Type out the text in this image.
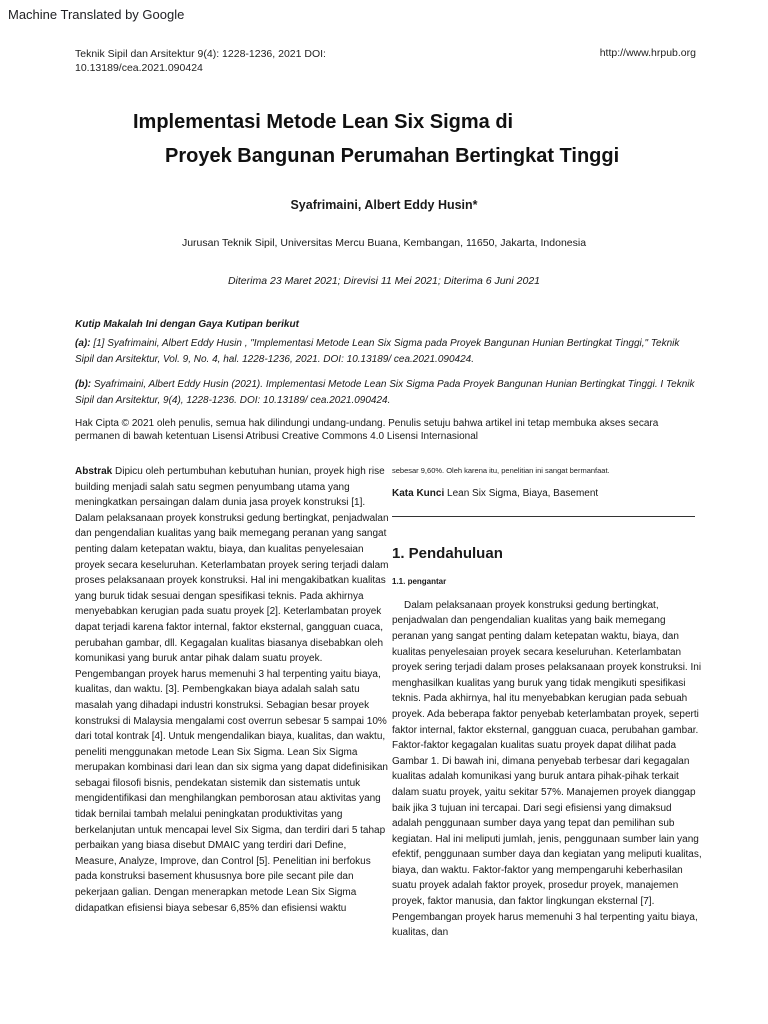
Machine Translated by Google
Teknik Sipil dan Arsitektur 9(4): 1228-1236, 2021 DOI: 10.13189/cea.2021.090424
http://www.hrpub.org
Implementasi Metode Lean Six Sigma di
Proyek Bangunan Perumahan Bertingkat Tinggi
Syafrimaini, Albert Eddy Husin*
Jurusan Teknik Sipil, Universitas Mercu Buana, Kembangan, 11650, Jakarta, Indonesia
Diterima 23 Maret 2021; Direvisi 11 Mei 2021; Diterima 6 Juni 2021
Kutip Makalah Ini dengan Gaya Kutipan berikut
(a): [1] Syafrimaini, Albert Eddy Husin , "Implementasi Metode Lean Six Sigma pada Proyek Bangunan Hunian Bertingkat Tinggi," Teknik Sipil dan Arsitektur, Vol. 9, No. 4, hal. 1228-1236, 2021. DOI: 10.13189/ cea.2021.090424.
(b): Syafrimaini, Albert Eddy Husin (2021). Implementasi Metode Lean Six Sigma Pada Proyek Bangunan Hunian Bertingkat Tinggi. I Teknik Sipil dan Arsitektur, 9(4), 1228-1236. DOI: 10.13189/ cea.2021.090424.
Hak Cipta © 2021 oleh penulis, semua hak dilindungi undang-undang. Penulis setuju bahwa artikel ini tetap membuka akses secara permanen di bawah ketentuan Lisensi Atribusi Creative Commons 4.0 Lisensi Internasional

Abstrak Dipicu oleh pertumbuhan kebutuhan hunian, proyek high rise building menjadi salah satu segmen penyumbang utama yang meningkatkan persaingan dalam dunia jasa proyek konstruksi [1]. Dalam pelaksanaan proyek konstruksi gedung bertingkat, penjadwalan dan pengendalian kualitas yang baik memegang peranan yang sangat penting dalam ketepatan waktu, biaya, dan kualitas penyelesaian proyek secara keseluruhan. Keterlambatan proyek sering terjadi dalam proses pelaksanaan proyek konstruksi. Hal ini mengakibatkan kualitas yang buruk tidak sesuai dengan spesifikasi teknis. Pada akhirnya menyebabkan kerugian pada suatu proyek [2]. Keterlambatan proyek dapat terjadi karena faktor internal, faktor eksternal, gangguan cuaca, perubahan gambar, dll. Kegagalan kualitas biasanya disebabkan oleh komunikasi yang buruk antar pihak dalam suatu proyek. Pengembangan proyek harus memenuhi 3 hal terpenting yaitu biaya, kualitas, dan waktu. [3]. Pembengkakan biaya adalah salah satu masalah yang dihadapi industri konstruksi. Sebagian besar proyek konstruksi di Malaysia mengalami cost overrun sebesar 5 sampai 10% dari total kontrak [4]. Untuk mengendalikan biaya, kualitas, dan waktu, peneliti menggunakan metode Lean Six Sigma. Lean Six Sigma merupakan kombinasi dari lean dan six sigma yang dapat didefinisikan sebagai filosofi bisnis, pendekatan sistemik dan sistematis untuk mengidentifikasi dan menghilangkan pemborosan atau aktivitas yang tidak bernilai tambah melalui peningkatan produktivitas yang berkelanjutan untuk mencapai level Six Sigma, dan terdiri dari 5 tahap perbaikan yang biasa disebut DMAIC yang terdiri dari Define, Measure, Analyze, Improve, dan Control [5]. Penelitian ini berfokus pada konstruksi basement khususnya bore pile secant pile dan pekerjaan galian. Dengan menerapkan metode Lean Six Sigma didapatkan efisiensi biaya sebesar 6,85% dan efisiensi waktu

sebesar 9,60%. Oleh karena itu, penelitian ini sangat bermanfaat.

Kata Kunci Lean Six Sigma, Biaya, Basement

1. Pendahuluan
1.1. pengantar

Dalam pelaksanaan proyek konstruksi gedung bertingkat, penjadwalan dan pengendalian kualitas yang baik memegang peranan yang sangat penting dalam ketepatan waktu, biaya, dan kualitas penyelesaian proyek secara keseluruhan. Keterlambatan proyek sering terjadi dalam proses pelaksanaan proyek konstruksi. Ini menghasilkan kualitas yang buruk yang tidak mengikuti spesifikasi teknis. Pada akhirnya, hal itu menyebabkan kerugian pada sebuah proyek. Ada beberapa faktor penyebab keterlambatan proyek, seperti faktor internal, faktor eksternal, gangguan cuaca, perubahan gambar. Faktor-faktor kegagalan kualitas suatu proyek dapat dilihat pada Gambar 1. Di bawah ini, dimana penyebab terbesar dari kegagalan kualitas adalah komunikasi yang buruk antara pihak-pihak terkait dalam suatu proyek, yaitu sekitar 57%. Manajemen proyek dianggap baik jika 3 tujuan ini tercapai. Dari segi efisiensi yang dimaksud adalah penggunaan sumber daya yang tepat dan pemilihan sub kegiatan. Hal ini meliputi jumlah, jenis, penggunaan sumber lain yang efektif, penggunaan sumber daya dan kegiatan yang meliputi kualitas, biaya, dan waktu. Faktor-faktor yang mempengaruhi keberhasilan suatu proyek adalah faktor proyek, prosedur proyek, manajemen proyek, faktor manusia, dan faktor lingkungan eksternal [7]. Pengembangan proyek harus memenuhi 3 hal terpenting yaitu biaya, kualitas, dan
